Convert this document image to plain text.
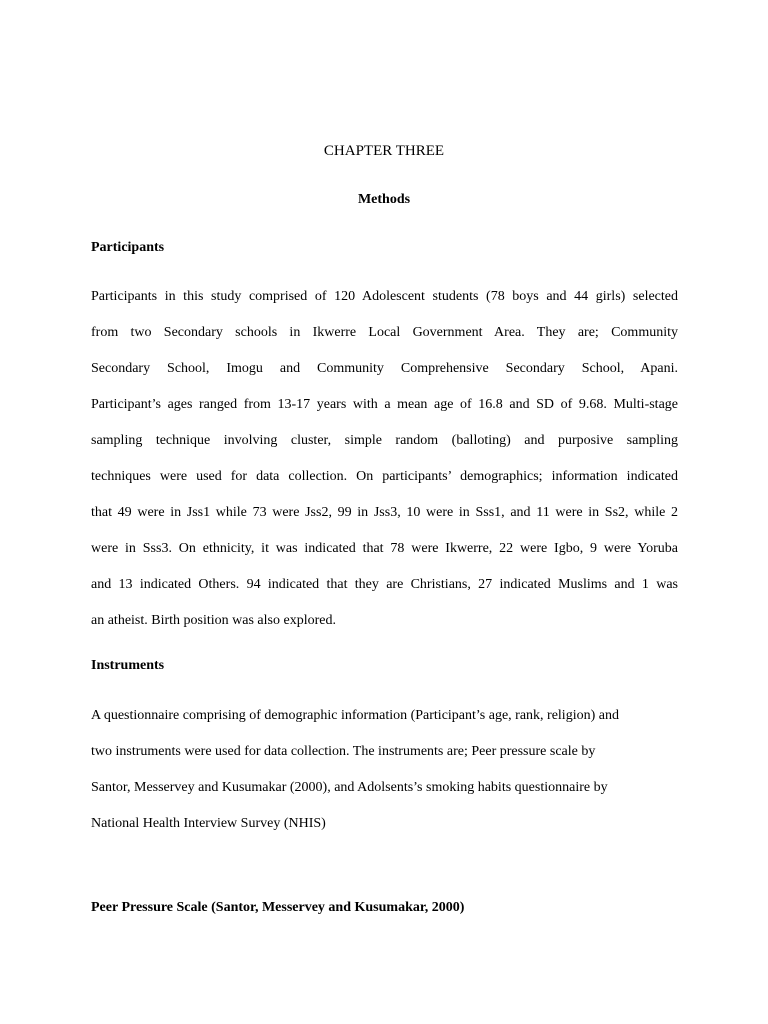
CHAPTER THREE
Methods
Participants
Participants in this study comprised of 120 Adolescent students (78 boys and 44 girls) selected
from two Secondary schools in Ikwerre Local Government Area. They are; Community
Secondary School, Imogu and Community Comprehensive Secondary School, Apani.
Participant’s ages ranged from 13-17 years with a mean age of 16.8 and SD of 9.68. Multi-stage
sampling technique involving cluster, simple random (balloting) and purposive sampling
techniques were used for data collection. On participants’ demographics; information indicated
that 49 were in Jss1 while 73 were Jss2, 99 in Jss3, 10 were in Sss1, and 11 were in Ss2, while 2
were in Sss3. On ethnicity, it was indicated that 78 were Ikwerre, 22 were Igbo, 9 were Yoruba
and 13 indicated Others. 94 indicated that they are Christians, 27 indicated Muslims and 1 was
an atheist. Birth position was also explored.
Instruments
A questionnaire comprising of demographic information (Participant’s age, rank, religion) and
two instruments were used for data collection. The instruments are; Peer pressure scale by
Santor, Messervey and Kusumakar (2000), and Adolsents’s smoking habits questionnaire by
National Health Interview Survey (NHIS)
Peer Pressure Scale (Santor, Messervey and Kusumakar, 2000)
